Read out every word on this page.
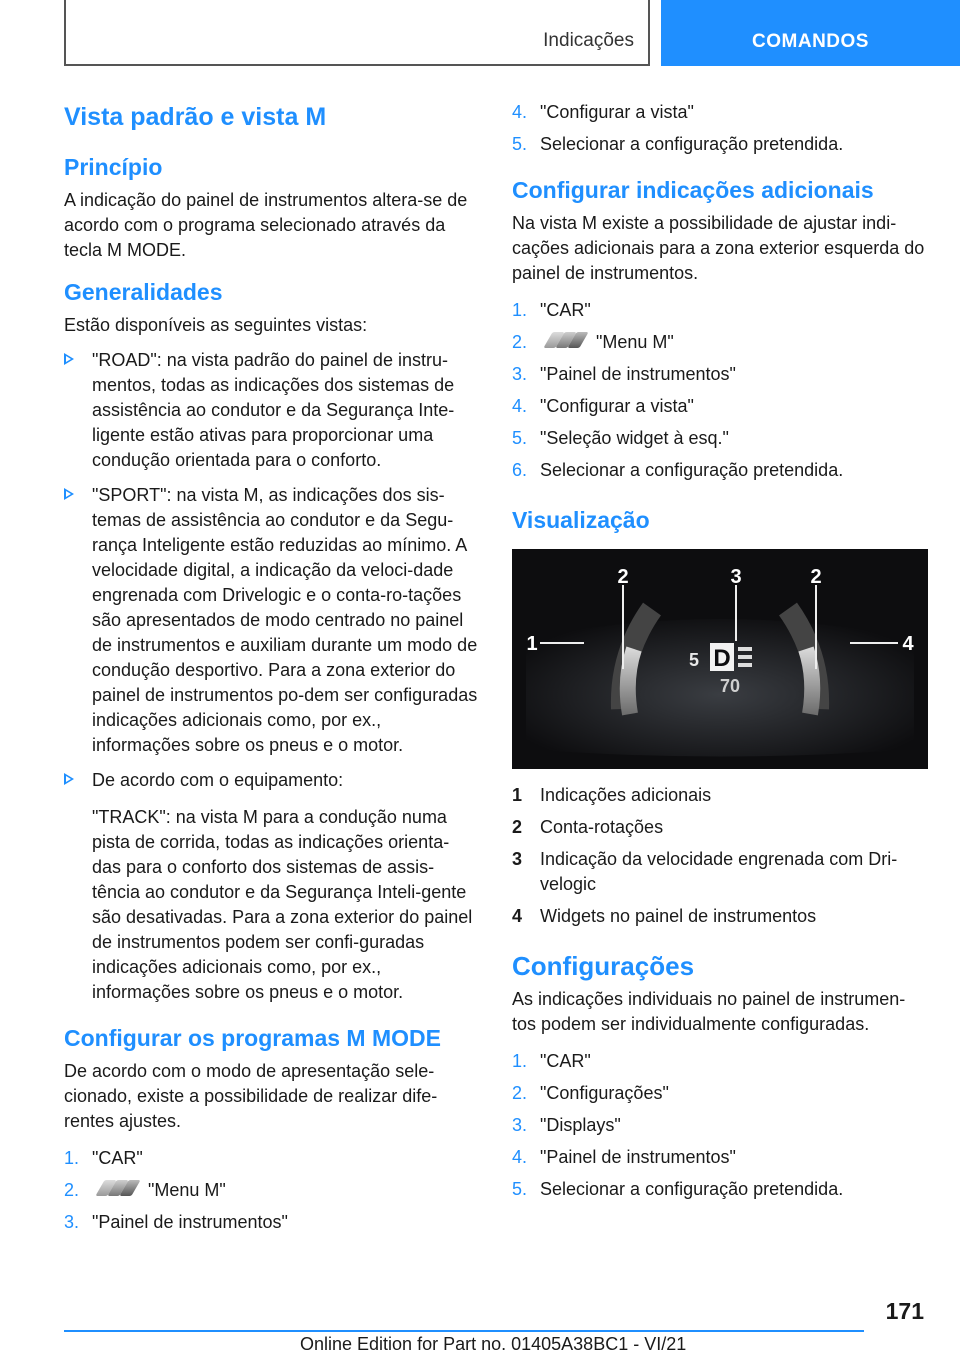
Indicações	COMANDOS
Vista padrão e vista M
Princípio

A indicação do painel de instrumentos altera-se de acordo com o programa selecionado através da tecla M MODE.

Generalidades

Estão disponíveis as seguintes vistas:

"ROAD": na vista padrão do painel de instru‐mentos, todas as indicações dos sistemas de assistência ao condutor e da Segurança Inte‐ligente estão ativas para proporcionar uma condução orientada para o conforto.
"SPORT": na vista M, as indicações dos sis‐temas de assistência ao condutor e da Segu‐rança Inteligente estão reduzidas ao mínimo. A velocidade digital, a indicação da veloci‐dade engrenada com Drivelogic e o conta-ro‐tações são apresentados de modo centrado no painel de instrumentos e auxiliam durante um modo de condução desportivo. Para a zona exterior do painel de instrumentos po‐dem ser configuradas indicações adicionais como, por ex., informações sobre os pneus e o motor.
De acordo com o equipamento:
"TRACK": na vista M para a condução numa pista de corrida, todas as indicações orienta‐das para o conforto dos sistemas de assis‐tência ao condutor e da Segurança Inteli‐gente são desativadas. Para a zona exterior do painel de instrumentos podem ser confi‐guradas indicações adicionais como, por ex., informações sobre os pneus e o motor.
Configurar os programas M MODE

De acordo com o modo de apresentação sele‐cionado, existe a possibilidade de realizar dife‐rentes ajustes.

1. "CAR"
2.	"Menu M"
3. "Painel de instrumentos"
4. "Configurar a vista"
5. Selecionar a configuração pretendida.
Configurar indicações adicionais

Na vista M existe a possibilidade de ajustar indi‐cações adicionais para a zona exterior esquerda do painel de instrumentos.

1. "CAR"
2.	"Menu M"
3. "Painel de instrumentos"
4. "Configurar a vista"
5. "Seleção widget à esq."
6. Selecionar a configuração pretendida.
Visualização
D
5
70
2	3	2
1	4
1 Indicações adicionais
2 Conta-rotações
3 Indicação da velocidade engrenada com Dri‐velogic
4 Widgets no painel de instrumentos
Configurações

As indicações individuais no painel de instrumen‐tos podem ser individualmente configuradas.

1. "CAR"
2. "Configurações"
3. "Displays"
4. "Painel de instrumentos"
5. Selecionar a configuração pretendida.
171
Online Edition for Part no. 01405A38BC1 - VI/21
